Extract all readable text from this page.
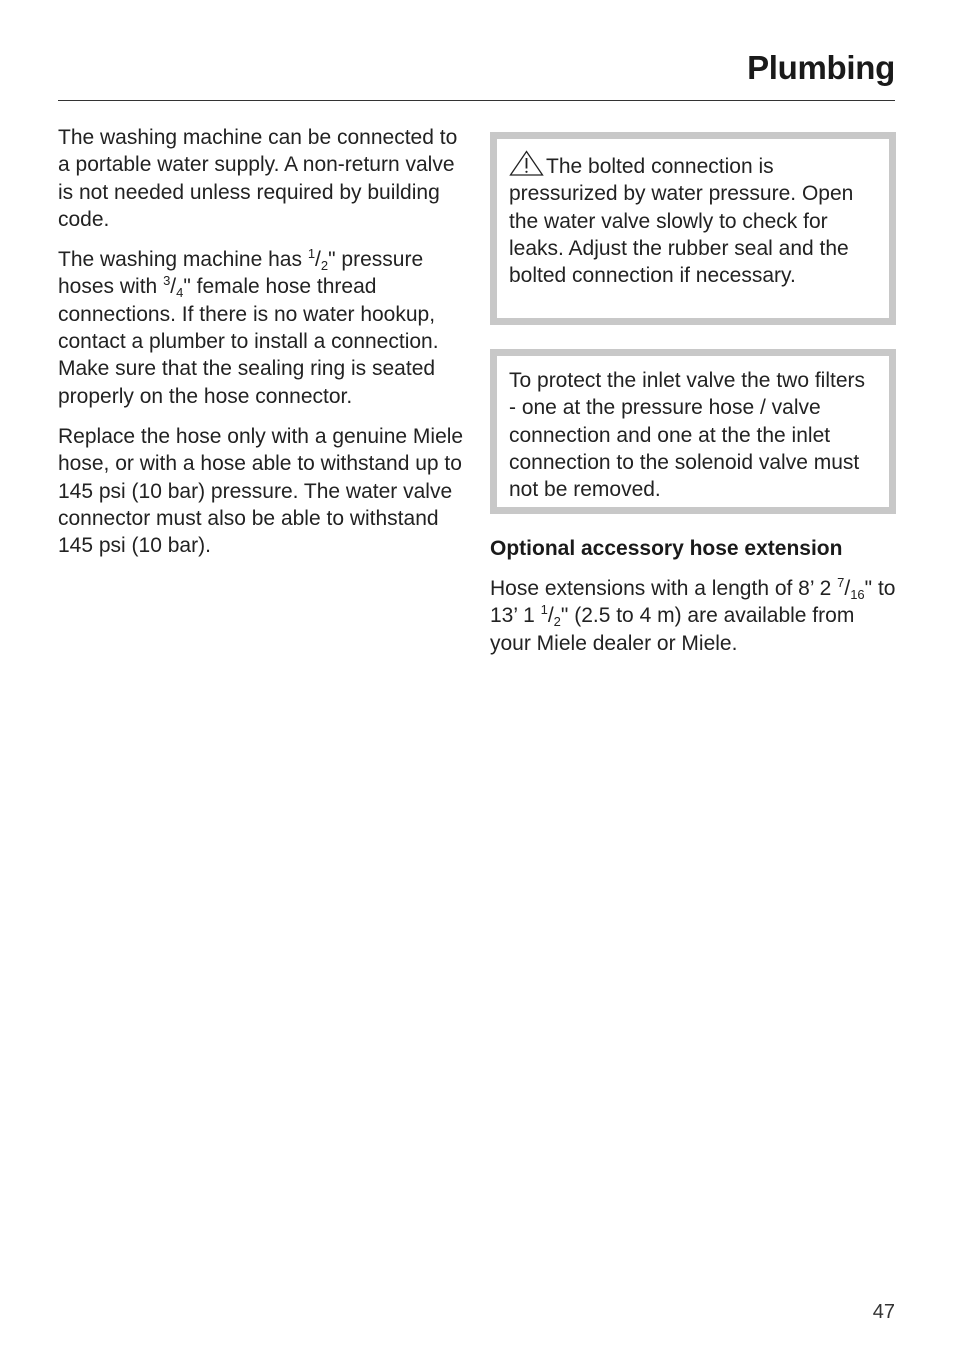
Plumbing

The washing machine can be connected to a portable water supply. A non-return valve is not needed unless required by building code.

The washing machine has $^1/_2$" pressure hoses with $^3/_4$" female hose thread connections. If there is no water hookup, contact a plumber to install a connection. Make sure that the sealing ring is seated properly on the hose connector.

Replace the hose only with a genuine Miele hose, or with a hose able to withstand up to 145 psi (10 bar) pressure. The water valve connector must also be able to withstand 145 psi (10 bar).

The bolted connection is pressurized by water pressure. Open the water valve slowly to check for leaks. Adjust the rubber seal and the bolted connection if necessary.

To protect the inlet valve the two filters - one at the pressure hose / valve connection and one at the the inlet connection to the solenoid valve must not be removed.

Optional accessory hose extension

Hose extensions with a length of 8’ 2 $^7/_{16}$" to 13’ 1 $^1/_2$" (2.5 to 4 m) are available from your Miele dealer or Miele.

47
